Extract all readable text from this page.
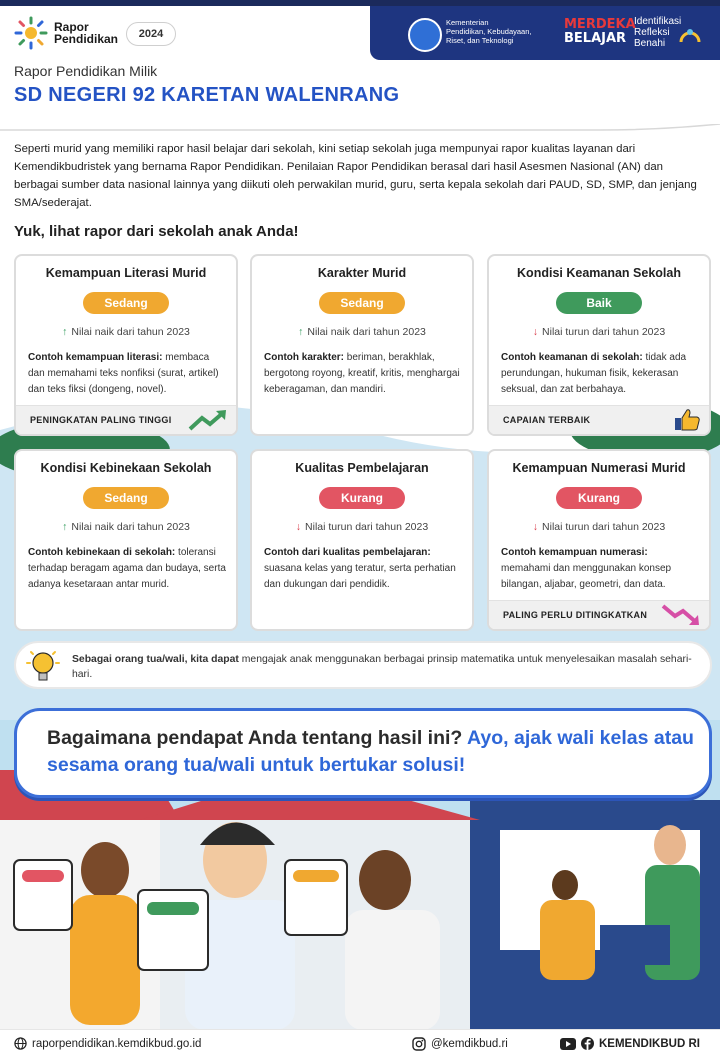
Rapor
Pendidikan	2024
Kementerian
Pendidikan, Kebudayaan,
Riset, dan Teknologi
MERDEKA
BELAJAR
Identifikasi
Refleksi
Benahi
Rapor Pendidikan Milik
SD NEGERI 92 KARETAN WALENRANG
Seperti murid yang memiliki rapor hasil belajar dari sekolah, kini setiap sekolah juga mempunyai rapor kualitas layanan dari Kemendikbudristek yang bernama Rapor Pendidikan. Penilaian Rapor Pendidikan berasal dari hasil Asesmen Nasional (AN) dan berbagai sumber data nasional lainnya yang diikuti oleh perwakilan murid, guru, serta kepala sekolah dari PAUD, SD, SMP, dan jenjang SMA/sederajat.
Yuk, lihat rapor dari sekolah anak Anda!
Kemampuan Literasi Murid
Sedang
↑ Nilai naik dari tahun 2023
Contoh kemampuan literasi: membaca dan memahami teks nonfiksi (surat, artikel) dan teks fiksi (dongeng, novel).
PENINGKATAN PALING TINGGI
Karakter Murid
Sedang
↑ Nilai naik dari tahun 2023
Contoh karakter: beriman, berakhlak, bergotong royong, kreatif, kritis, menghargai keberagaman, dan mandiri.
Kondisi Keamanan Sekolah
Baik
↓ Nilai turun dari tahun 2023
Contoh keamanan di sekolah: tidak ada perundungan, hukuman fisik, kekerasan seksual, dan zat berbahaya.
CAPAIAN TERBAIK
Kondisi Kebinekaan Sekolah
Sedang
↑ Nilai naik dari tahun 2023
Contoh kebinekaan di sekolah: toleransi terhadap beragam agama dan budaya, serta adanya kesetaraan antar murid.
Kualitas Pembelajaran
Kurang
↓ Nilai turun dari tahun 2023
Contoh dari kualitas pembelajaran:
suasana kelas yang teratur, serta perhatian dan dukungan dari pendidik.
Kemampuan Numerasi Murid
Kurang
↓ Nilai turun dari tahun 2023
Contoh kemampuan numerasi:
memahami dan menggunakan konsep bilangan, aljabar, geometri, dan data.
PALING PERLU DITINGKATKAN
Sebagai orang tua/wali, kita dapat mengajak anak menggunakan berbagai prinsip matematika untuk menyelesaikan masalah sehari-hari.
Bagaimana pendapat Anda tentang hasil ini? Ayo, ajak wali kelas atau sesama orang tua/wali untuk bertukar solusi!
raporpendidikan.kemdikbud.go.id	@kemdikbud.ri	KEMENDIKBUD RI
